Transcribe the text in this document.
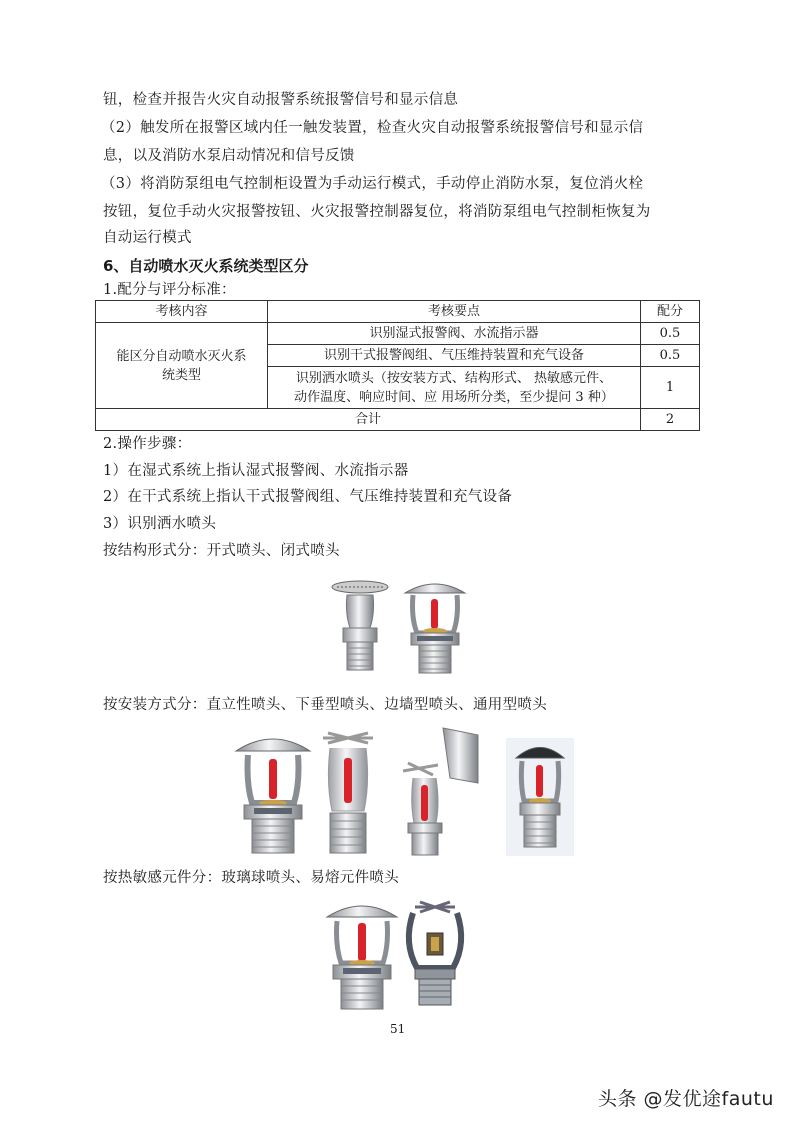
钮，检查并报告火灾自动报警系统报警信号和显示信息
（2）触发所在报警区域内任一触发装置，检查火灾自动报警系统报警信号和显示信
息，以及消防水泵启动情况和信号反馈
（3）将消防泵组电气控制柜设置为手动运行模式，手动停止消防水泵，复位消火栓
按钮，复位手动火灾报警按钮、火灾报警控制器复位，将消防泵组电气控制柜恢复为
自动运行模式
6、自动喷水灭火系统类型区分
1.配分与评分标准：
考核内容	考核要点	配分

能区分自动喷水灭火系
统类型	识别湿式报警阀、水流指示器	0.5
	识别干式报警阀组、气压维持装置和充气设备	0.5

	识别洒水喷头（按安装方式、结构形式、 热敏感元件、
动作温度、响应时间、应 用场所分类，至少提问 3 种）	1
合计		2
2.操作步骤：
1）在湿式系统上指认湿式报警阀、水流指示器
2）在干式系统上指认干式报警阀组、气压维持装置和充气设备
3）识别洒水喷头
按结构形式分：开式喷头、闭式喷头
按安装方式分：直立性喷头、下垂型喷头、边墙型喷头、通用型喷头
按热敏感元件分：玻璃球喷头、易熔元件喷头
51
头条 @发优途fautu
